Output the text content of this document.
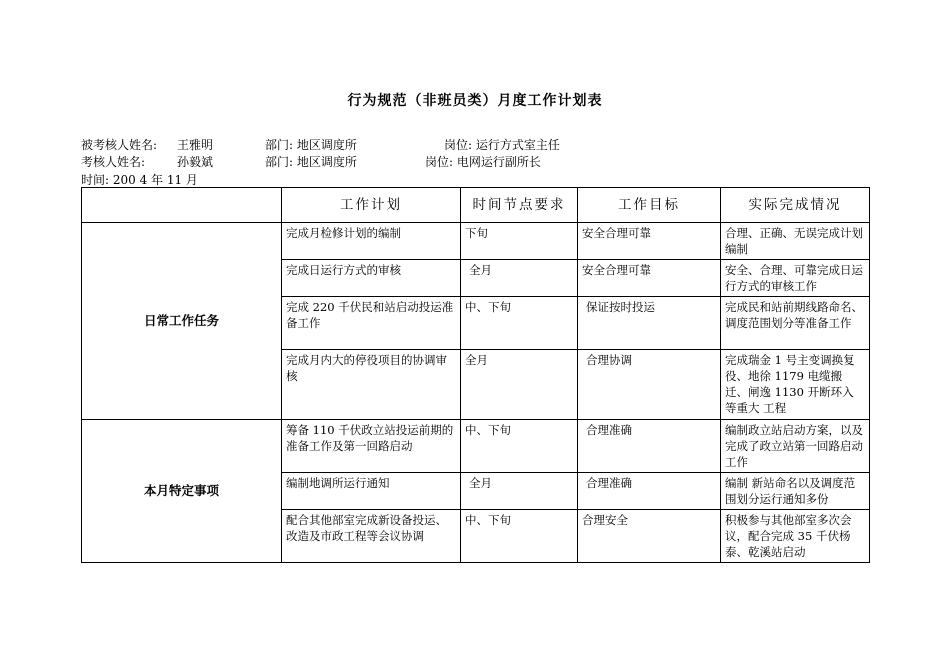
行为规范（非班员类）月度工作计划表
被考核人姓名: 王雅明	部门: 地区调度所	岗位: 运行方式室主任
考核人姓名:	孙毅斌	部门: 地区调度所	岗位: 电网运行副所长
时间: 200 4 年 11 月
	工作计划	时间节点要求	工作目标	实际完成情况
日常工作任务	完成月检修计划的编制	下旬	安全合理可靠	合理、正确、无误完成计划编制
	完成日运行方式的审核	全月	安全合理可靠	安全、合理、可靠完成日运行方式的审核工作
	完成 220 千伏民和站启动投运准备工作	中、下旬	保证按时投运	完成民和站前期线路命名、调度范围划分等准备工作
	完成月内大的停役项目的协调审核	全月	合理协调	完成瑞金 1 号主变调换复役、地徐 1179 电缆搬迁、闸逸 1130 开断环入等重大 工程
本月特定事项	筹备 110 千伏政立站投运前期的准备工作及第一回路启动	中、下旬	合理准确	编制政立站启动方案，以及完成了政立站第一回路启动工作
	编制地调所运行通知	全月	合理准确	编制 新站命名以及调度范围划分运行通知多份
	配合其他部室完成新设备投运、改造及市政工程等会议协调	中、下旬	合理安全	积极参与其他部室多次会议，配合完成 35 千伏杨泰、乾溪站启动
